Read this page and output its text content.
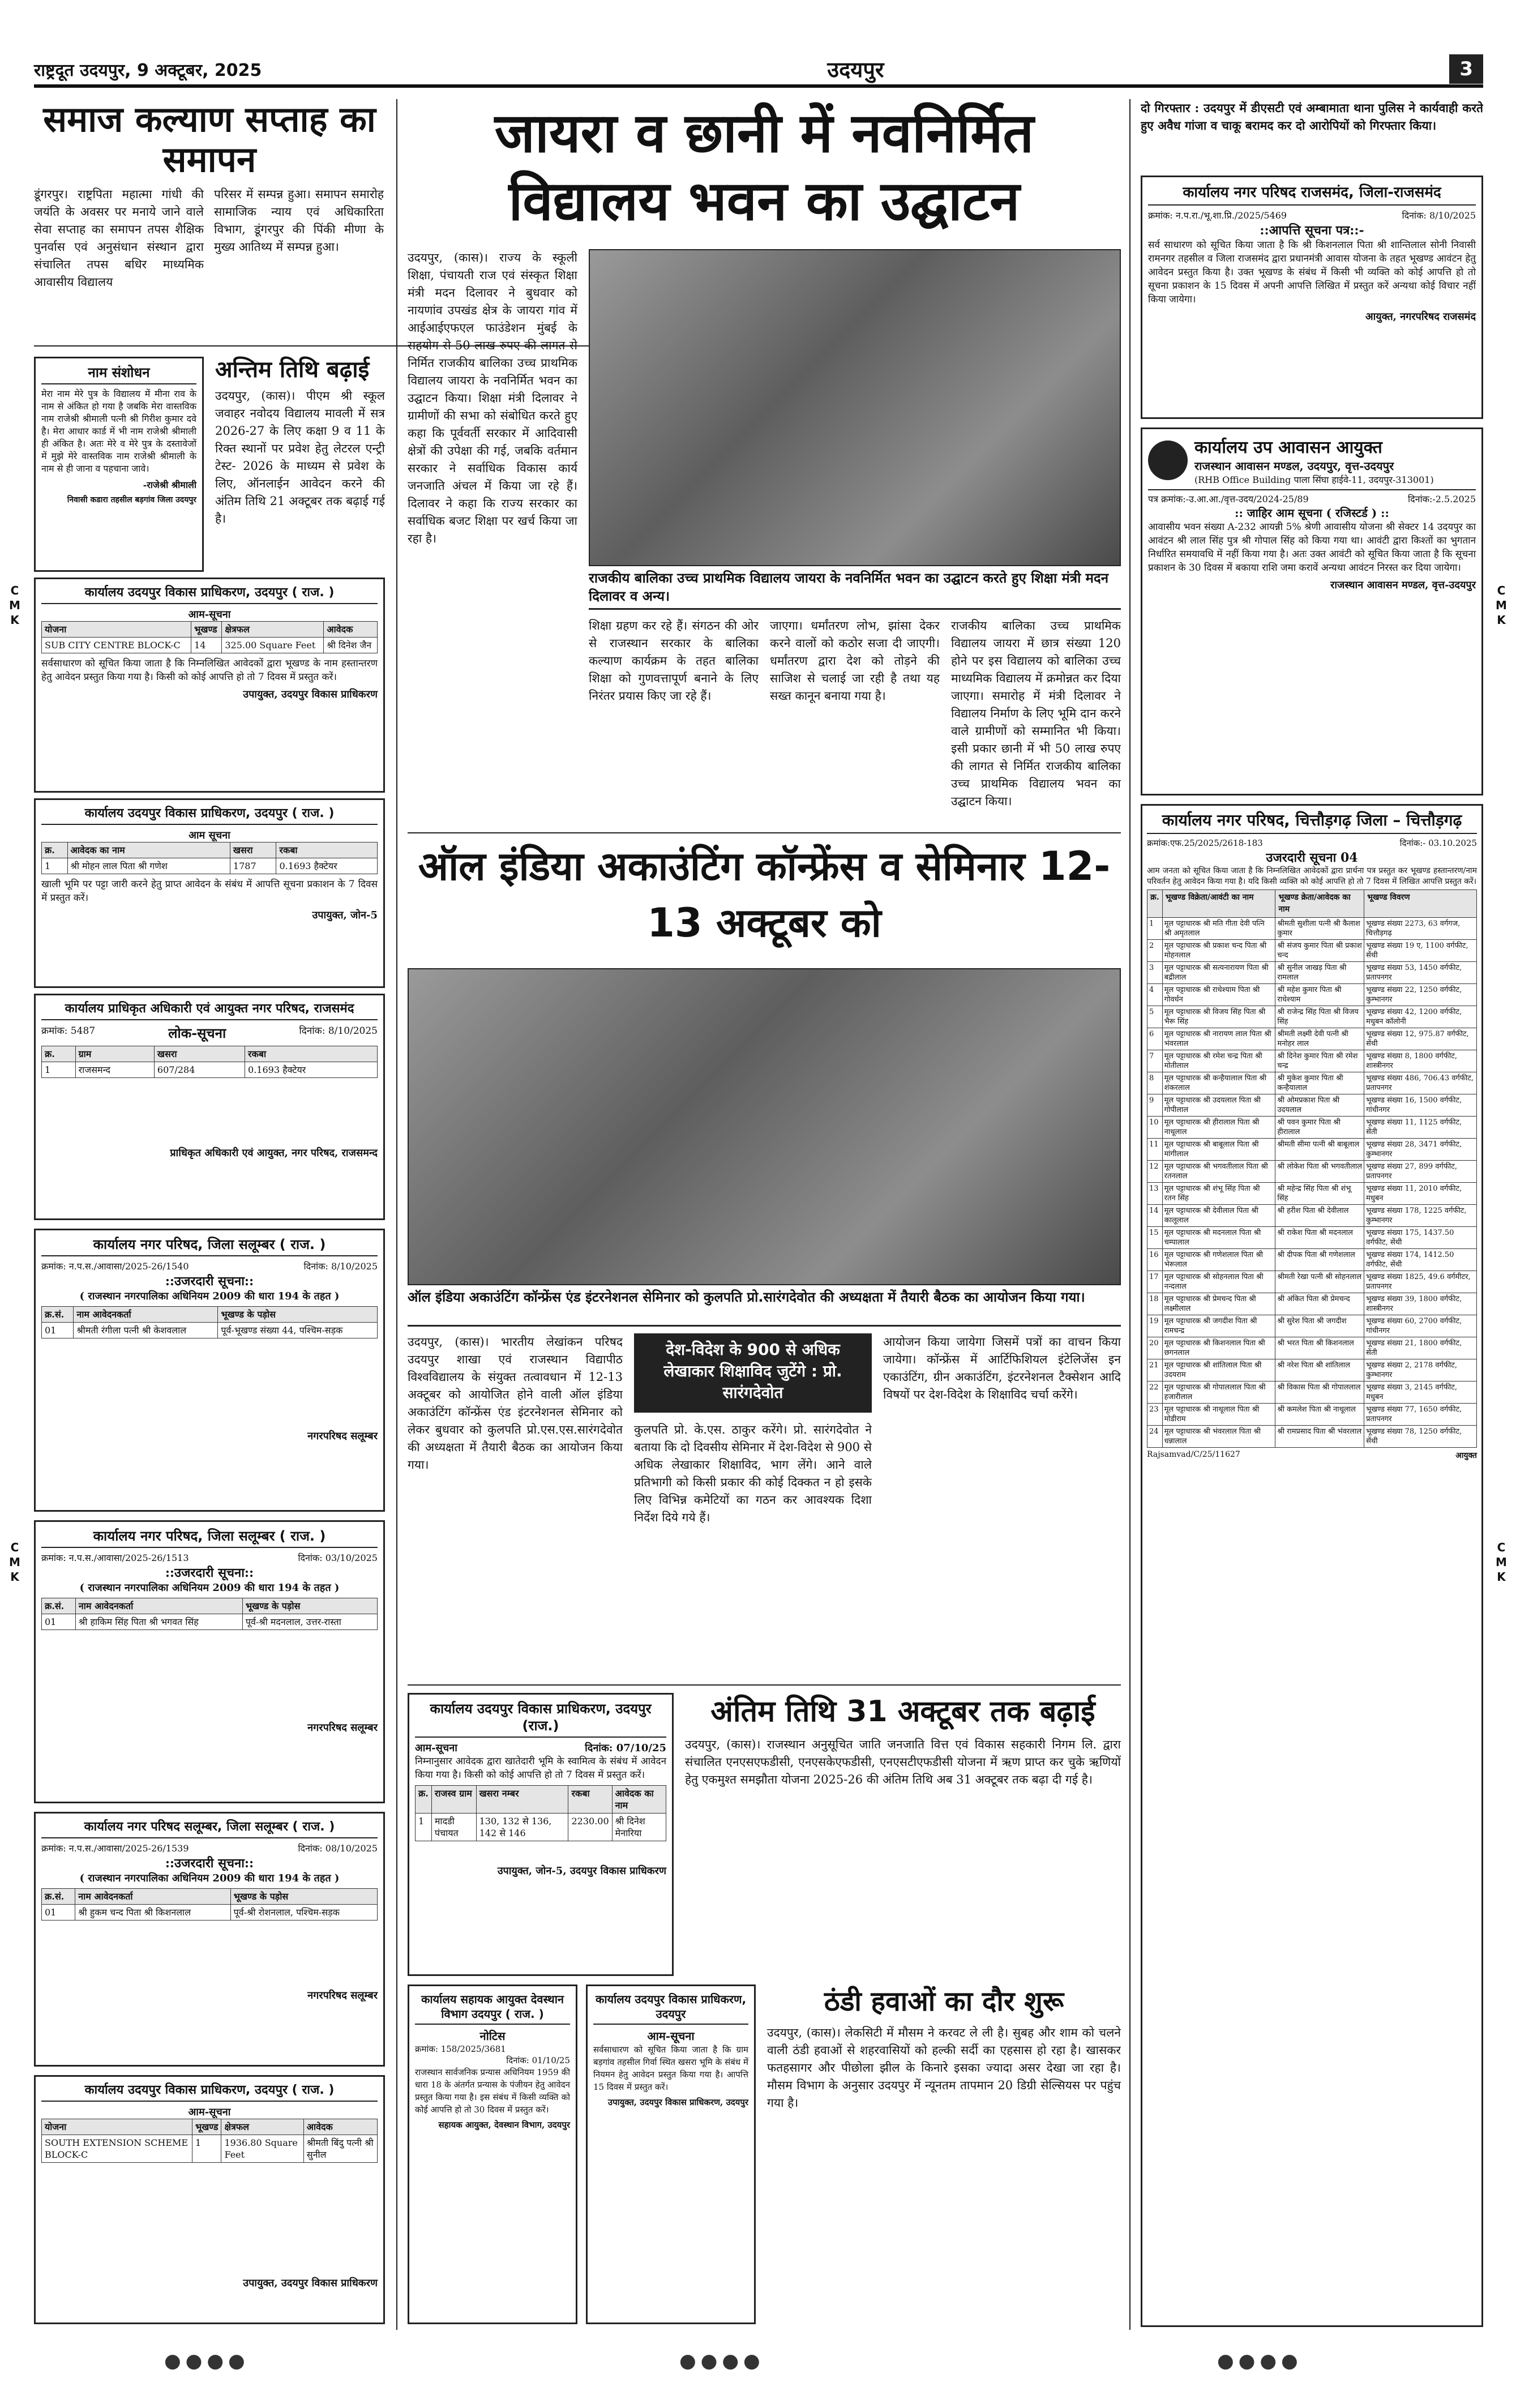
राष्ट्रदूत उदयपुर, 9 अक्टूबर, 2025	उदयपुर	3
C
M
K
C
M
K
C
M
K
C
M
K
समाज कल्याण सप्ताह का समापन
डूंगरपुर। राष्ट्रपिता महात्मा गांधी की जयंति के अवसर पर मनाये जाने वाले सेवा सप्ताह का समापन तपस शैक्षिक पुनर्वास एवं अनुसंधान संस्थान द्वारा संचालित तपस बधिर माध्यमिक आवासीय विद्यालय
परिसर में सम्पन्न हुआ। समापन समारोह सामाजिक न्याय एवं अधिकारिता विभाग, डूंगरपुर की पिंकी मीणा के मुख्य आतिथ्य में सम्पन्न हुआ।
नाम संशोधन
मेरा नाम मेरे पुत्र के विद्यालय में मीना राव के नाम से अंकित हो गया है जबकि मेरा वास्तविक नाम राजेश्री श्रीमाली पत्नी श्री गिरीश कुमार दवे है। मेरा आधार कार्ड में भी नाम राजेश्री श्रीमाली ही अंकित है। अतः मेरे व मेरे पुत्र के दस्तावेजों में मुझे मेरे वास्तविक नाम राजेश्री श्रीमाली के नाम से ही जाना व पहचाना जावे।
-राजेश्री श्रीमाली
निवासी कडारा तहसील बड़गांव जिला उदयपुर
अन्तिम तिथि बढ़ाई
उदयपुर, (कास)। पीएम श्री स्कूल जवाहर नवोदय विद्यालय मावली में सत्र 2026-27 के लिए कक्षा 9 व 11 के रिक्त स्थानों पर प्रवेश हेतु लेटरल एन्ट्री टेस्ट- 2026 के माध्यम से प्रवेश के लिए, ऑनलाईन आवेदन करने की अंतिम तिथि 21 अक्टूबर तक बढ़ाई गई है।
कार्यालय उदयपुर विकास प्राधिकरण, उदयपुर ( राज. )
आम-सूचना
योजना	भूखण्ड	क्षेत्रफल	आवेदक
SUB CITY CENTRE BLOCK-C	14	325.00 Square Feet	श्री दिनेश जैन
सर्वसाधारण को सूचित किया जाता है कि निम्नलिखित आवेदकों द्वारा भूखण्ड के नाम हस्तान्तरण हेतु आवेदन प्रस्तुत किया गया है। किसी को कोई आपत्ति हो तो 7 दिवस में प्रस्तुत करें।
उपायुक्त, उदयपुर विकास प्राधिकरण
कार्यालय उदयपुर विकास प्राधिकरण, उदयपुर ( राज. )
आम सूचना
क्र.	आवेदक का नाम	खसरा	रकबा
1	श्री मोहन लाल पिता श्री गणेश	1787	0.1693 हैक्टेयर
खाली भूमि पर पट्टा जारी करने हेतु प्राप्त आवेदन के संबंध में आपत्ति सूचना प्रकाशन के 7 दिवस में प्रस्तुत करें।
उपायुक्त, जोन-5
कार्यालय प्राधिकृत अधिकारी एवं आयुक्त नगर परिषद, राजसमंद
क्रमांक: 5487	लोक-सूचना	दिनांक: 8/10/2025
क्र.	ग्राम	खसरा	रकबा
1	राजसमन्द	607/284	0.1693 हैक्टेयर
प्राधिकृत अधिकारी एवं आयुक्त, नगर परिषद, राजसमन्द
कार्यालय नगर परिषद, जिला सलूम्बर ( राज. )
क्रमांक: न.प.स./आवासा/2025-26/1540	दिनांक: 8/10/2025
::उजरदारी सूचना::
( राजस्थान नगरपालिका अधिनियम 2009 की धारा 194 के तहत )
क्र.सं.	नाम आवेदनकर्ता	भूखण्ड के पड़ोस
01	श्रीमती रंगीला पत्नी श्री केशवलाल	पूर्व-भूखण्ड संख्या 44, पश्चिम-सड़क
नगरपरिषद सलूम्बर
कार्यालय नगर परिषद, जिला सलूम्बर ( राज. )
क्रमांक: न.प.स./आवासा/2025-26/1513	दिनांक: 03/10/2025
::उजरदारी सूचना::
( राजस्थान नगरपालिका अधिनियम 2009 की धारा 194 के तहत )
क्र.सं.	नाम आवेदनकर्ता	भूखण्ड के पड़ोस
01	श्री हाकिम सिंह पिता श्री भगवत सिंह	पूर्व-श्री मदनलाल, उत्तर-रास्ता
नगरपरिषद सलूम्बर
कार्यालय नगर परिषद सलूम्बर, जिला सलूम्बर ( राज. )
क्रमांक: न.प.स./आवासा/2025-26/1539	दिनांक: 08/10/2025
::उजरदारी सूचना::
( राजस्थान नगरपालिका अधिनियम 2009 की धारा 194 के तहत )
क्र.सं.	नाम आवेदनकर्ता	भूखण्ड के पड़ोस
01	श्री हुकम चन्द पिता श्री किशनलाल	पूर्व-श्री रोशनलाल, पश्चिम-सड़क
नगरपरिषद सलूम्बर
कार्यालय उदयपुर विकास प्राधिकरण, उदयपुर ( राज. )
आम-सूचना
योजना	भूखण्ड	क्षेत्रफल	आवेदक
SOUTH EXTENSION SCHEME BLOCK-C	1	1936.80 Square Feet	श्रीमती बिंदु पत्नी श्री सुनील
उपायुक्त, उदयपुर विकास प्राधिकरण
जायरा व छानी में नवनिर्मित विद्यालय भवन का उद्घाटन
उदयपुर, (कास)। राज्य के स्कूली शिक्षा, पंचायती राज एवं संस्कृत शिक्षा मंत्री मदन दिलावर ने बुधवार को नायणांव उपखंड क्षेत्र के जायरा गांव में आईआईएफएल फाउंडेशन मुंबई के सहयोग से 50 लाख रुपए की लागत से निर्मित राजकीय बालिका उच्च प्राथमिक विद्यालय जायरा के नवनिर्मित भवन का उद्घाटन किया। शिक्षा मंत्री दिलावर ने ग्रामीणों की सभा को संबोधित करते हुए कहा कि पूर्ववर्ती सरकार में आदिवासी क्षेत्रों की उपेक्षा की गई, जबकि वर्तमान सरकार ने सर्वाधिक विकास कार्य जनजाति अंचल में किया जा रहे हैं। दिलावर ने कहा कि राज्य सरकार का सर्वाधिक बजट शिक्षा पर खर्च किया जा रहा है।
राजकीय बालिका उच्च प्राथमिक विद्यालय जायरा के नवनिर्मित भवन का उद्घाटन करते हुए शिक्षा मंत्री मदन दिलावर व अन्य।
शिक्षा ग्रहण कर रहे हैं। संगठन की ओर से राजस्थान सरकार के बालिका कल्याण कार्यक्रम के तहत बालिका शिक्षा को गुणवत्तापूर्ण बनाने के लिए निरंतर प्रयास किए जा रहे हैं।
जाएगा। धर्मांतरण लोभ, झांसा देकर करने वालों को कठोर सजा दी जाएगी। धर्मांतरण द्वारा देश को तोड़ने की साजिश से चलाई जा रही है तथा यह सख्त कानून बनाया गया है।
राजकीय बालिका उच्च प्राथमिक विद्यालय जायरा में छात्र संख्या 120 होने पर इस विद्यालय को बालिका उच्च माध्यमिक विद्यालय में क्रमोन्नत कर दिया जाएगा। समारोह में मंत्री दिलावर ने विद्यालय निर्माण के लिए भूमि दान करने वाले ग्रामीणों को सम्मानित भी किया। इसी प्रकार छानी में भी 50 लाख रुपए की लागत से निर्मित राजकीय बालिका उच्च प्राथमिक विद्यालय भवन का उद्घाटन किया।
ऑल इंडिया अकाउंटिंग कॉन्फ्रेंस व सेमिनार 12-13 अक्टूबर को
ऑल इंडिया अकाउंटिंग कॉन्फ्रेंस एंड इंटरनेशनल सेमिनार को कुलपति प्रो.सारंगदेवोत की अध्यक्षता में तैयारी बैठक का आयोजन किया गया।
उदयपुर, (कास)। भारतीय लेखांकन परिषद उदयपुर शाखा एवं राजस्थान विद्यापीठ विश्वविद्यालय के संयुक्त तत्वावधान में 12-13 अक्टूबर को आयोजित होने वाली ऑल इंडिया अकाउंटिंग कॉन्फ्रेंस एंड इंटरनेशनल सेमिनार को लेकर बुधवार को कुलपति प्रो.एस.एस.सारंगदेवोत की अध्यक्षता में तैयारी बैठक का आयोजन किया गया।
देश-विदेश के 900 से अधिक लेखाकार शिक्षाविद जुटेंगे : प्रो. सारंगदेवोत
कुलपति प्रो. के.एस. ठाकुर करेंगे। प्रो. सारंगदेवोत ने बताया कि दो दिवसीय सेमिनार में देश-विदेश से 900 से अधिक लेखाकार शिक्षाविद, भाग लेंगे। आने वाले प्रतिभागी को किसी प्रकार की कोई दिक्कत न हो इसके लिए विभिन्न कमेटियों का गठन कर आवश्यक दिशा निर्देश दिये गये हैं।
आयोजन किया जायेगा जिसमें पत्रों का वाचन किया जायेगा। कॉन्फ्रेंस में आर्टिफिशियल इंटेलिजेंस इन एकाउंटिंग, ग्रीन अकाउंटिंग, इंटरनेशनल टैक्सेशन आदि विषयों पर देश-विदेश के शिक्षाविद चर्चा करेंगे।
कार्यालय उदयपुर विकास प्राधिकरण, उदयपुर (राज.)
आम-सूचना	दिनांक: 07/10/25
निम्नानुसार आवेदक द्वारा खातेदारी भूमि के स्वामित्व के संबंध में आवेदन किया गया है। किसी को कोई आपत्ति हो तो 7 दिवस में प्रस्तुत करें।
क्र.	राजस्व ग्राम	खसरा नम्बर	रकबा	आवेदक का नाम
1	मादडी पंचायत	130, 132 से 136, 142 से 146	2230.00	श्री दिनेश मेनारिया
उपायुक्त, जोन-5, उदयपुर विकास प्राधिकरण
अंतिम तिथि 31 अक्टूबर तक बढ़ाई
उदयपुर, (कास)। राजस्थान अनुसूचित जाति जनजाति वित्त एवं विकास सहकारी निगम लि. द्वारा संचालित एनएसएफडीसी, एनएसकेएफडीसी, एनएसटीएफडीसी योजना में ऋण प्राप्त कर चुके ऋणियों हेतु एकमुश्त समझौता योजना 2025-26 की अंतिम तिथि अब 31 अक्टूबर तक बढ़ा दी गई है।
कार्यालय सहायक आयुक्त देवस्थान विभाग उदयपुर ( राज. )
नोटिस
क्रमांक: 158/2025/3681
दिनांक: 01/10/25
राजस्थान सार्वजनिक प्रन्यास अधिनियम 1959 की धारा 18 के अंतर्गत प्रन्यास के पंजीयन हेतु आवेदन प्रस्तुत किया गया है। इस संबंध में किसी व्यक्ति को कोई आपत्ति हो तो 30 दिवस में प्रस्तुत करें।
सहायक आयुक्त, देवस्थान विभाग, उदयपुर
कार्यालय उदयपुर विकास प्राधिकरण, उदयपुर
आम-सूचना
सर्वसाधारण को सूचित किया जाता है कि ग्राम बड़गांव तहसील गिर्वा स्थित खसरा भूमि के संबंध में नियमन हेतु आवेदन प्रस्तुत किया गया है। आपत्ति 15 दिवस में प्रस्तुत करें।
उपायुक्त, उदयपुर विकास प्राधिकरण, उदयपुर
ठंडी हवाओं का दौर शुरू
उदयपुर, (कास)। लेकसिटी में मौसम ने करवट ले ली है। सुबह और शाम को चलने वाली ठंडी हवाओं से शहरवासियों को हल्की सर्दी का एहसास हो रहा है। खासकर फतहसागर और पीछोला झील के किनारे इसका ज्यादा असर देखा जा रहा है। मौसम विभाग के अनुसार उदयपुर में न्यूनतम तापमान 20 डिग्री सेल्सियस पर पहुंच गया है।
दो गिरफ्तार : उदयपुर में डीएसटी एवं अम्बामाता थाना पुलिस ने कार्यवाही करते हुए अवैध गांजा व चाकू बरामद कर दो आरोपियों को गिरफ्तार किया।
कार्यालय नगर परिषद राजसमंद, जिला-राजसमंद
क्रमांक: न.प.रा./भू.शा.प्रि./2025/5469	दिनांक: 8/10/2025
::आपत्ति सूचना पत्र::-
सर्व साधारण को सूचित किया जाता है कि श्री किशनलाल पिता श्री शान्तिलाल सोनी निवासी रामनगर तहसील व जिला राजसमंद द्वारा प्रधानमंत्री आवास योजना के तहत भूखण्ड आवंटन हेतु आवेदन प्रस्तुत किया है। उक्त भूखण्ड के संबंध में किसी भी व्यक्ति को कोई आपत्ति हो तो सूचना प्रकाशन के 15 दिवस में अपनी आपत्ति लिखित में प्रस्तुत करें अन्यथा कोई विचार नहीं किया जायेगा।
आयुक्त, नगरपरिषद राजसमंद
कार्यालय उप आवासन आयुक्त
राजस्थान आवासन मण्डल, उदयपुर, वृत्त-उदयपुर
(RHB Office Building पाला सिंघा हाईवे-11, उदयपुर-313001)
पत्र क्रमांक:-उ.आ.आ./वृत्त-उदय/2024-25/89	दिनांक:-2.5.2025
:: जाहिर आम सूचना ( रजिस्टर्ड ) ::
आवासीय भवन संख्या A-232 आयन्नी 5% श्रेणी आवासीय योजना श्री सेक्टर 14 उदयपुर का आवंटन श्री लाल सिंह पुत्र श्री गोपाल सिंह को किया गया था। आवंटी द्वारा किश्तों का भुगतान निर्धारित समयावधि में नहीं किया गया है। अतः उक्त आवंटी को सूचित किया जाता है कि सूचना प्रकाशन के 30 दिवस में बकाया राशि जमा करावें अन्यथा आवंटन निरस्त कर दिया जायेगा।
राजस्थान आवासन मण्डल, वृत्त-उदयपुर
कार्यालय नगर परिषद, चित्तौड़गढ़ जिला – चित्तौड़गढ़
क्रमांक:एफ.25/2025/2618-183	दिनांक:- 03.10.2025
उजरदारी सूचना 04
आम जनता को सूचित किया जाता है कि निम्नलिखित आवेदकों द्वारा प्रार्थना पत्र प्रस्तुत कर भूखण्ड हस्तान्तरण/नाम परिवर्तन हेतु आवेदन किया गया है। यदि किसी व्यक्ति को कोई आपत्ति हो तो 7 दिवस में लिखित आपत्ति प्रस्तुत करें।
क्र.	भूखण्ड विक्रेता/आवंटी का नाम	भूखण्ड क्रेता/आवेदक का नाम	भूखण्ड विवरण
1	मूल पट्टाधारक श्री मति गीता देवी पत्नि श्री अमृतलाल	श्रीमती सुशीला पत्नी श्री कैलाश कुमार	भूखण्ड संख्या 2273, 63 वर्गगज, चित्तौड़गढ़
2	मूल पट्टाधारक श्री प्रकाश चन्द पिता श्री मोहनलाल	श्री संजय कुमार पिता श्री प्रकाश चन्द	भूखण्ड संख्या 19 ए, 1100 वर्गफीट, सेंथी
3	मूल पट्टाधारक श्री सत्यनारायण पिता श्री बद्रीलाल	श्री सुनील जाखड़ पिता श्री रामलाल	भूखण्ड संख्या 53, 1450 वर्गफीट, प्रतापनगर
4	मूल पट्टाधारक श्री राधेश्याम पिता श्री गोवर्धन	श्री महेश कुमार पिता श्री राधेश्याम	भूखण्ड संख्या 22, 1250 वर्गफीट, कुम्भानगर
5	मूल पट्टाधारक श्री विजय सिंह पिता श्री भैरू सिंह	श्री राजेन्द्र सिंह पिता श्री विजय सिंह	भूखण्ड संख्या 42, 1200 वर्गफीट, मधुबन कॉलोनी
6	मूल पट्टाधारक श्री नारायण लाल पिता श्री भंवरलाल	श्रीमती लक्ष्मी देवी पत्नी श्री मनोहर लाल	भूखण्ड संख्या 12, 975.87 वर्गफीट, सेंथी
7	मूल पट्टाधारक श्री रमेश चन्द्र पिता श्री मोतीलाल	श्री दिनेश कुमार पिता श्री रमेश चन्द्र	भूखण्ड संख्या 8, 1800 वर्गफीट, शास्त्रीनगर
8	मूल पट्टाधारक श्री कन्हैयालाल पिता श्री शंकरलाल	श्री मुकेश कुमार पिता श्री कन्हैयालाल	भूखण्ड संख्या 486, 706.43 वर्गफीट, प्रतापनगर
9	मूल पट्टाधारक श्री उदयलाल पिता श्री गोपीलाल	श्री ओमप्रकाश पिता श्री उदयलाल	भूखण्ड संख्या 16, 1500 वर्गफीट, गांधीनगर
10	मूल पट्टाधारक श्री हीरालाल पिता श्री नाथूलाल	श्री पवन कुमार पिता श्री हीरालाल	भूखण्ड संख्या 11, 1125 वर्गफीट, सेंती
11	मूल पट्टाधारक श्री बाबूलाल पिता श्री मांगीलाल	श्रीमती सीमा पत्नी श्री बाबूलाल	भूखण्ड संख्या 28, 3471 वर्गफीट, कुम्भानगर
12	मूल पट्टाधारक श्री भगवतीलाल पिता श्री रतनलाल	श्री लोकेश पिता श्री भगवतीलाल	भूखण्ड संख्या 27, 899 वर्गफीट, प्रतापनगर
13	मूल पट्टाधारक श्री शंभू सिंह पिता श्री रतन सिंह	श्री महेन्द्र सिंह पिता श्री शंभू सिंह	भूखण्ड संख्या 11, 2010 वर्गफीट, मधुबन
14	मूल पट्टाधारक श्री देवीलाल पिता श्री कालूलाल	श्री हरीश पिता श्री देवीलाल	भूखण्ड संख्या 178, 1225 वर्गफीट, कुम्भानगर
15	मूल पट्टाधारक श्री मदनलाल पिता श्री चम्पालाल	श्री राकेश पिता श्री मदनलाल	भूखण्ड संख्या 175, 1437.50 वर्गफीट, सेंथी
16	मूल पट्टाधारक श्री गणेशलाल पिता श्री भेरूलाल	श्री दीपक पिता श्री गणेशलाल	भूखण्ड संख्या 174, 1412.50 वर्गफीट, सेंथी
17	मूल पट्टाधारक श्री सोहनलाल पिता श्री नन्दलाल	श्रीमती रेखा पत्नी श्री सोहनलाल	भूखण्ड संख्या 1825, 49.6 वर्गमीटर, प्रतापनगर
18	मूल पट्टाधारक श्री प्रेमचन्द पिता श्री लक्ष्मीलाल	श्री अंकित पिता श्री प्रेमचन्द	भूखण्ड संख्या 39, 1800 वर्गफीट, शास्त्रीनगर
19	मूल पट्टाधारक श्री जगदीश पिता श्री रामचन्द्र	श्री सुरेश पिता श्री जगदीश	भूखण्ड संख्या 60, 2700 वर्गफीट, गांधीनगर
20	मूल पट्टाधारक श्री किशनलाल पिता श्री छगनलाल	श्री भरत पिता श्री किशनलाल	भूखण्ड संख्या 21, 1800 वर्गफीट, सेंती
21	मूल पट्टाधारक श्री शांतिलाल पिता श्री उदयराम	श्री नरेश पिता श्री शांतिलाल	भूखण्ड संख्या 2, 2178 वर्गफीट, कुम्भानगर
22	मूल पट्टाधारक श्री गोपाललाल पिता श्री हजारीलाल	श्री विकास पिता श्री गोपाललाल	भूखण्ड संख्या 3, 2145 वर्गफीट, मधुबन
23	मूल पट्टाधारक श्री नाथूलाल पिता श्री मोडीराम	श्री कमलेश पिता श्री नाथूलाल	भूखण्ड संख्या 77, 1650 वर्गफीट, प्रतापनगर
24	मूल पट्टाधारक श्री भंवरलाल पिता श्री धन्नालाल	श्री रामप्रसाद पिता श्री भंवरलाल	भूखण्ड संख्या 78, 1250 वर्गफीट, सेंथी
Rajsamvad/C/25/11627	आयुक्त
●●●●	●●●●	●●●●
